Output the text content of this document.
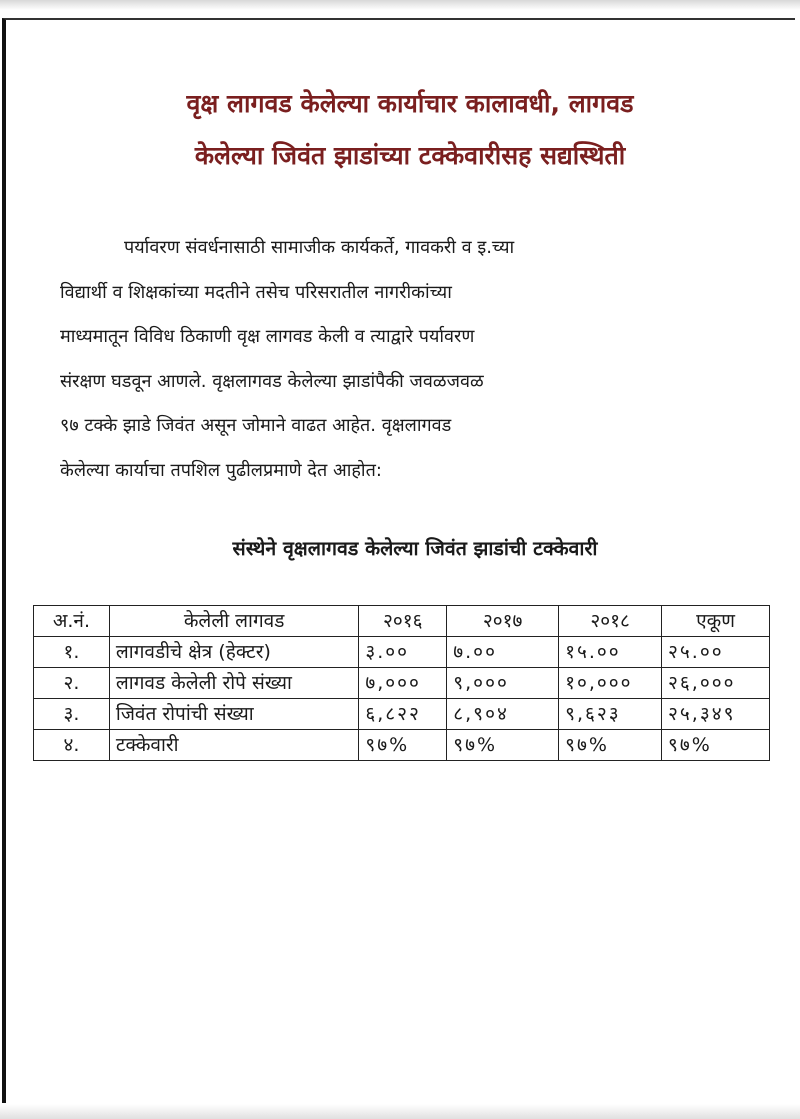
वृक्ष लागवड केलेल्या कार्याचार कालावधी, लागवड
केलेल्या जिवंत झाडांच्या टक्केवारीसह सद्यस्थिती
पर्यावरण संवर्धनासाठी सामाजीक कार्यकर्ते, गावकरी व इ.च्या
विद्यार्थी व शिक्षकांच्या मदतीने तसेच परिसरातील नागरीकांच्या
माध्यमातून विविध ठिकाणी वृक्ष लागवड केली व त्याद्वारे पर्यावरण
संरक्षण घडवून आणले. वृक्षलागवड केलेल्या झाडांपैकी जवळजवळ
९७ टक्के झाडे जिवंत असून जोमाने वाढत आहेत. वृक्षलागवड
केलेल्या कार्याचा तपशिल पुढीलप्रमाणे देत आहोत:
संस्थेने वृक्षलागवड केलेल्या जिवंत झाडांची टक्केवारी
अ.नं.	केलेली लागवड	२०१६	२०१७	२०१८	एकूण
१.	लागवडीचे क्षेत्र (हेक्टर)	३.००	७.००	१५.००	२५.००
२.	लागवड केलेली रोपे संख्या	७,०००	९,०००	१०,०००	२६,०००
३.	जिवंत रोपांची संख्या	६,८२२	८,९०४	९,६२३	२५,३४९
४.	टक्केवारी	९७%	९७%	९७%	९७%
